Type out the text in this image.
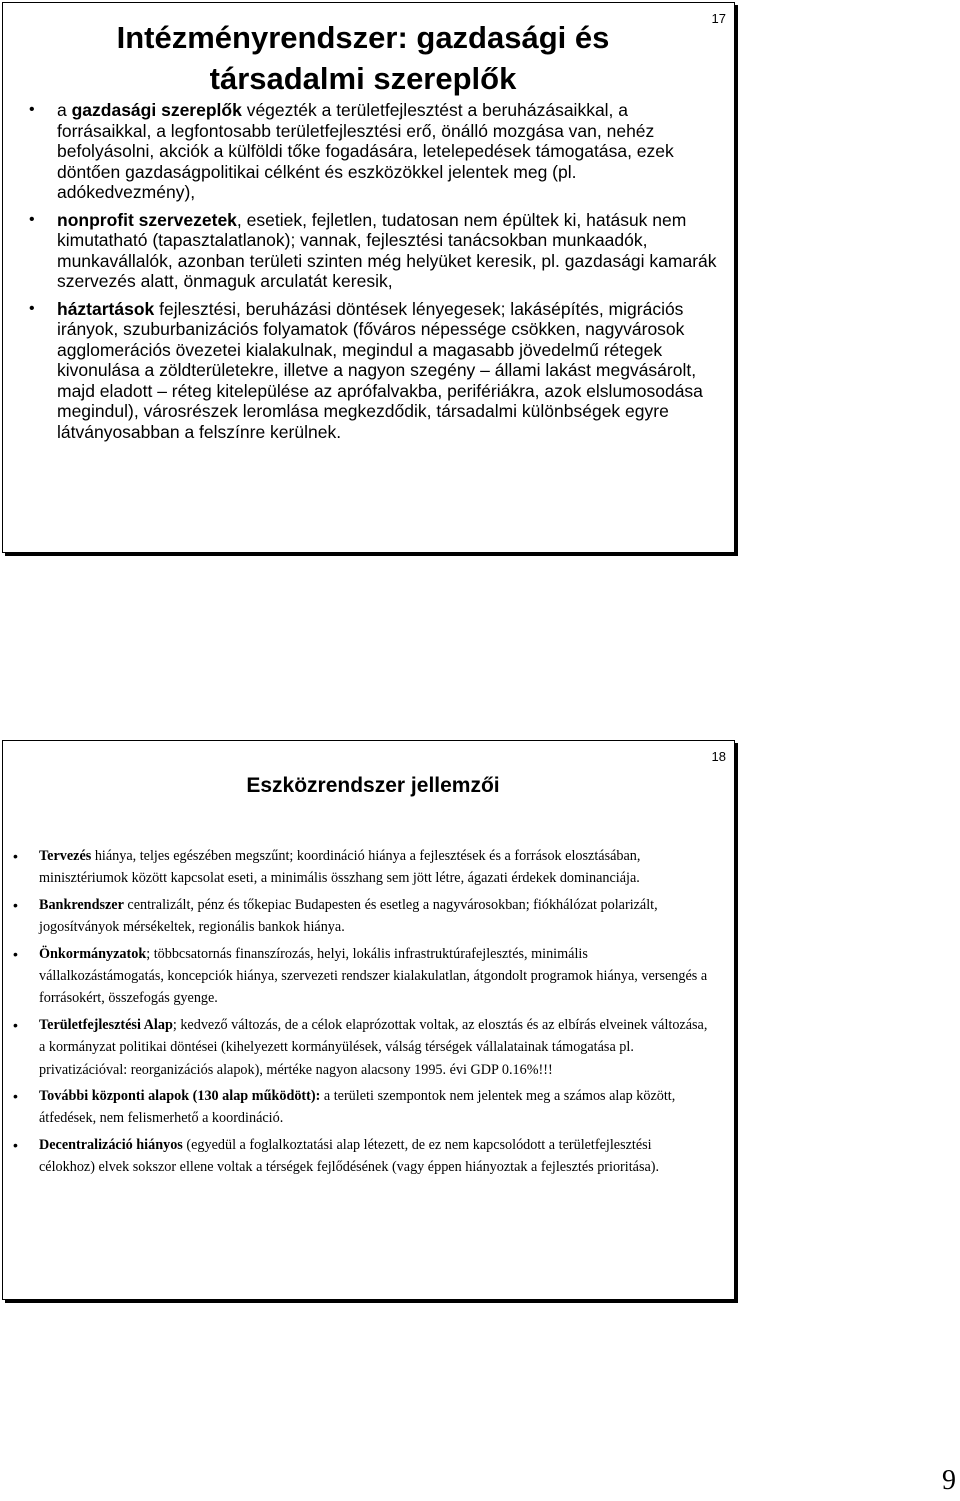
17
Intézményrendszer: gazdasági és
társadalmi szereplők
• a gazdasági szereplők végezték a területfejlesztést a beruházásaikkal, a forrásaikkal, a legfontosabb területfejlesztési erő, önálló mozgása van, nehéz befolyásolni, akciók a külföldi tőke fogadására, letelepedések támogatása, ezek döntően gazdaságpolitikai célként és eszközökkel jelentek meg (pl. adókedvezmény),
• nonprofit szervezetek, esetiek, fejletlen, tudatosan nem épültek ki, hatásuk nem kimutatható (tapasztalatlanok); vannak, fejlesztési tanácsokban munkaadók, munkavállalók, azonban területi szinten még helyüket keresik, pl. gazdasági kamarák szervezés alatt, önmaguk arculatát keresik,
• háztartások fejlesztési, beruházási döntések lényegesek; lakásépítés, migrációs irányok, szuburbanizációs folyamatok (főváros népessége csökken, nagyvárosok agglomerációs övezetei kialakulnak, megindul a magasabb jövedelmű rétegek kivonulása a zöldterületekre, illetve a nagyon szegény – állami lakást megvásárolt, majd eladott – réteg kitelepülése az aprófalvakba, perifériákra, azok elslumosodása megindul), városrészek leromlása megkezdődik, társadalmi különbségek egyre látványosabban a felszínre kerülnek.
18
Eszközrendszer jellemzői
• Tervezés hiánya, teljes egészében megszűnt; koordináció hiánya a fejlesztések és a források elosztásában, minisztériumok között kapcsolat eseti, a minimális összhang sem jött létre, ágazati érdekek dominanciája.
• Bankrendszer centralizált, pénz és tőkepiac Budapesten és esetleg a nagyvárosokban; fiókhálózat polarizált, jogosítványok mérsékeltek, regionális bankok hiánya.
• Önkormányzatok; többcsatornás finanszírozás, helyi, lokális infrastruktúrafejlesztés, minimális vállalkozástámogatás, koncepciók hiánya, szervezeti rendszer kialakulatlan, átgondolt programok hiánya, versengés a forrásokért, összefogás gyenge.
• Területfejlesztési Alap; kedvező változás, de a célok elaprózottak voltak, az elosztás és az elbírás elveinek változása, a kormányzat politikai döntései (kihelyezett kormányülések, válság térségek vállalatainak támogatása pl. privatizációval: reorganizációs alapok), mértéke nagyon alacsony 1995. évi GDP 0.16%!!!
• További központi alapok (130 alap működött): a területi szempontok nem jelentek meg a számos alap között, átfedések, nem felismerhető a koordináció.
• Decentralizáció hiányos (egyedül a foglalkoztatási alap létezett, de ez nem kapcsolódott a területfejlesztési célokhoz) elvek sokszor ellene voltak a térségek fejlődésének (vagy éppen hiányoztak a fejlesztés prioritása).
9
